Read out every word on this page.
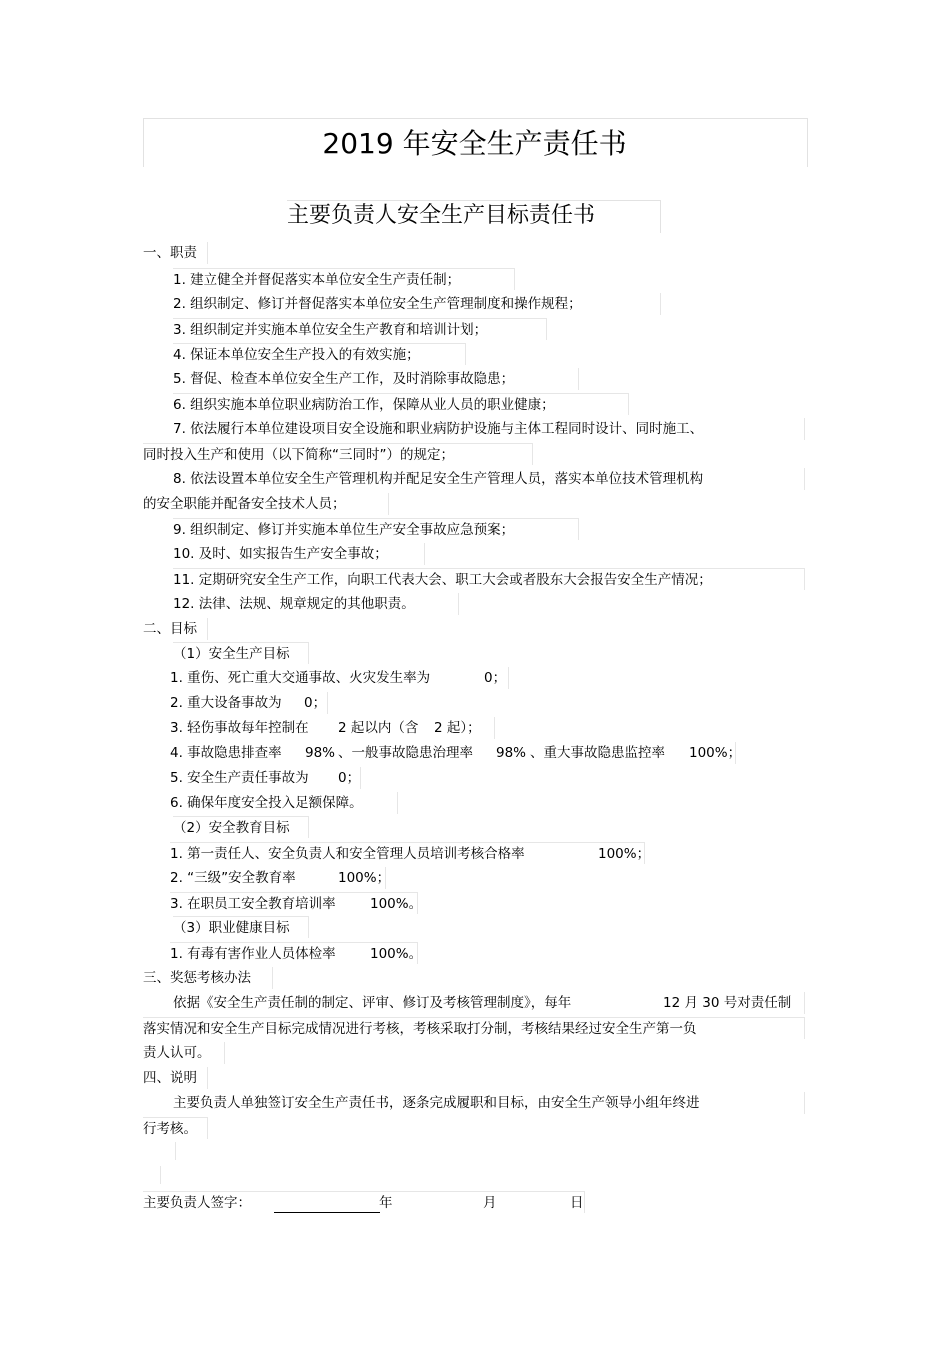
2019 年安全生产责任书
主要负责人安全生产目标责任书
一、职责
1. 建立健全并督促落实本单位安全生产责任制；
2. 组织制定、修订并督促落实本单位安全生产管理制度和操作规程；
3. 组织制定并实施本单位安全生产教育和培训计划；
4. 保证本单位安全生产投入的有效实施；
5. 督促、检查本单位安全生产工作，及时消除事故隐患；
6. 组织实施本单位职业病防治工作，保障从业人员的职业健康；
7. 依法履行本单位建设项目安全设施和职业病防护设施与主体工程同时设计、同时施工、
同时投入生产和使用（以下简称“三同时”）的规定；
8. 依法设置本单位安全生产管理机构并配足安全生产管理人员，落实本单位技术管理机构
的安全职能并配备安全技术人员；
9. 组织制定、修订并实施本单位生产安全事故应急预案；
10. 及时、如实报告生产安全事故；
11. 定期研究安全生产工作，向职工代表大会、职工大会或者股东大会报告安全生产情况；
12. 法律、法规、规章规定的其他职责。
二、目标
（1）安全生产目标
1. 重伤、死亡重大交通事故、火灾发生率为	0；
2. 重大设备事故为 0；
3. 轻伤事故每年控制在 2 起以内（含 2 起）；
4. 事故隐患排查率 98% 、一般事故隐患治理率 98% 、重大事故隐患监控率 100%；
5. 安全生产责任事故为 0；
6. 确保年度安全投入足额保障。
（2）安全教育目标
1. 第一责任人、安全负责人和安全管理人员培训考核合格率	100%；
2. “三级”安全教育率	100%；
3. 在职员工安全教育培训率	100%。
（3）职业健康目标
1. 有毒有害作业人员体检率	100%。
三、奖惩考核办法
依据《安全生产责任制的制定、评审、修订及考核管理制度》，每年	12 月 30 号对责任制
落实情况和安全生产目标完成情况进行考核，考核采取打分制，考核结果经过安全生产第一负
责人认可。
四、说明
主要负责人单独签订安全生产责任书，逐条完成履职和目标，由安全生产领导小组年终进
行考核。
主要负责人签字：	年	月	日
